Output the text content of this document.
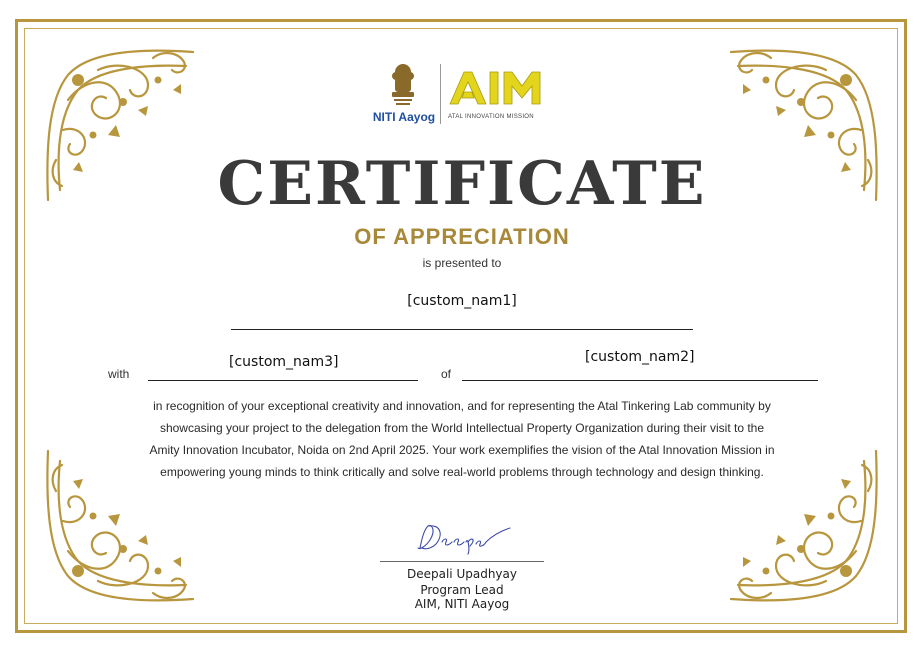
NITI Aayog ATAL INNOVATION MISSION
CERTIFICATE
OF APPRECIATION
is presented to
[custom_nam1]
with
[custom_nam3]
of
[custom_nam2]
in recognition of your exceptional creativity and innovation, and for representing the Atal Tinkering Lab community by
showcasing your project to the delegation from the World Intellectual Property Organization during their visit to the
Amity Innovation Incubator, Noida on 2nd April 2025. Your work exemplifies the vision of the Atal Innovation Mission in
empowering young minds to think critically and solve real-world problems through technology and design thinking.
Deepali Upadhyay
Program Lead
AIM, NITI Aayog
